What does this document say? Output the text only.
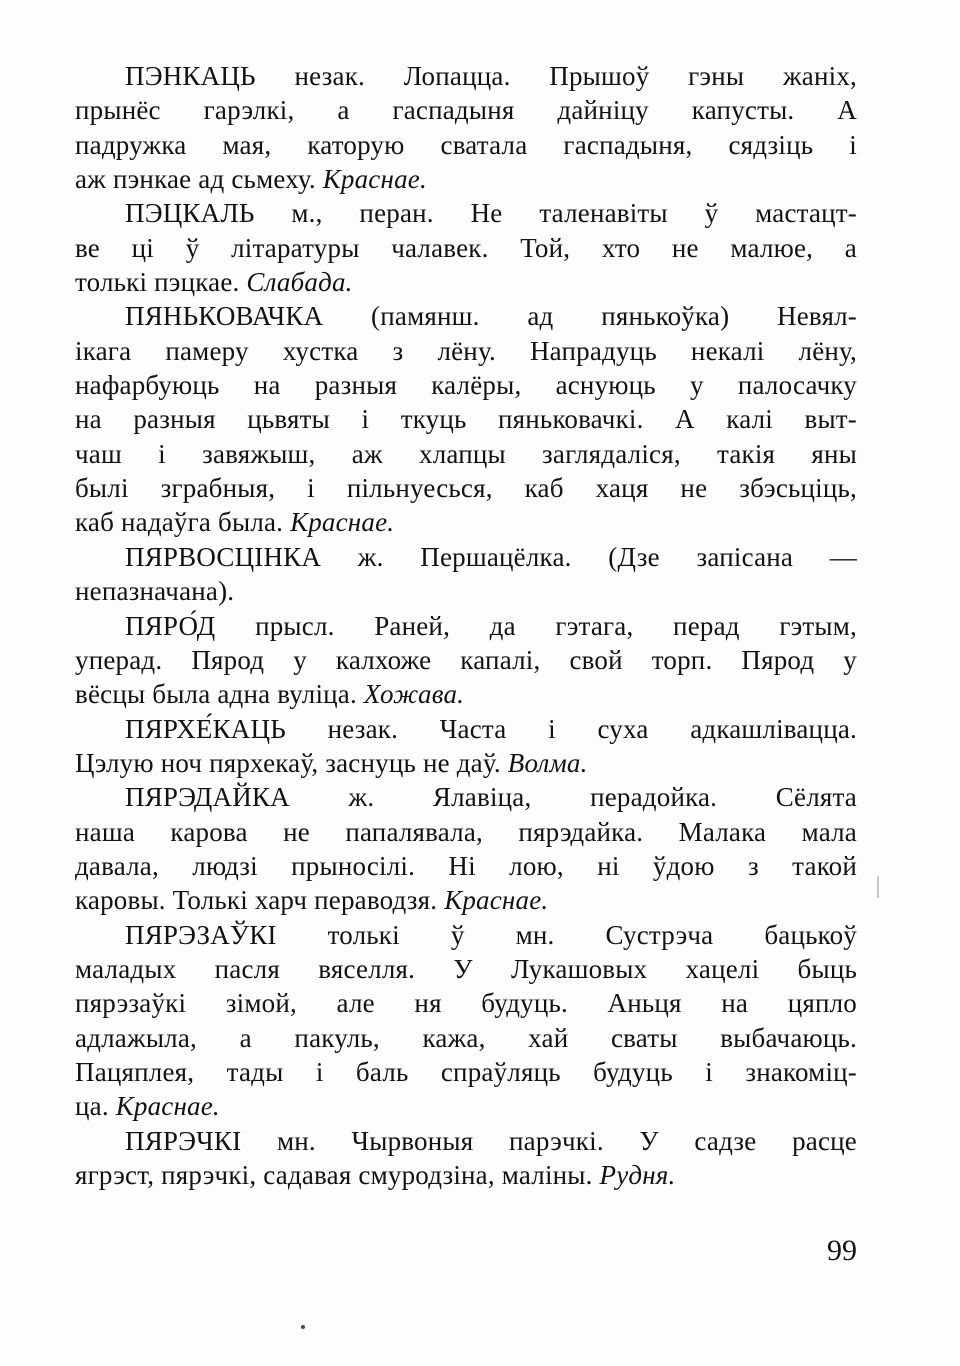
ПЭНКАЦЬ незак. Лопацца. Прышоў гэны жаніх,
прынёс гарэлкі, а гаспадыня дайніцу капусты. А
падружка мая, каторую сватала гаспадыня, сядзіць і
аж пэнкае ад сьмеху. Краснае.
ПЭЦКАЛЬ м., перан. Не таленавіты ў мастацт-
ве ці ў літаратуры чалавек. Той, хто не малюе, а
толькі пэцкае. Слабада.
ПЯНЬКОВАЧКА (памянш. ад пянькоўка) Невял-
ікага памеру хустка з лёну. Напрадуць некалі лёну,
нафарбуюць на разныя калёры, аснуюць у палосачку
на разныя цьвяты і ткуць пяньковачкі. А калі выт-
чаш і завяжыш, аж хлапцы заглядаліся, такія яны
былі зграбныя, і пільнуесься, каб хаця не збэсьціць,
каб надаўга была. Краснае.
ПЯРВОСЦІНКА ж. Першацёлка. (Дзе запісана —
непазначана).
ПЯРО́Д прысл. Раней, да гэтага, перад гэтым,
уперад. Пярод у калхоже капалі, свой торп. Пярод у
вёсцы была адна вуліца. Хожава.
ПЯРХЕ́КАЦЬ незак. Часта і суха адкашлівацца.
Цэлую ноч пярхекаў, заснуць не даў. Волма.
ПЯРЭДАЙКА ж. Ялавіца, перадойка. Сёлята
наша карова не папалявала, пярэдайка. Малака мала
давала, людзі прыносілі. Ні лою, ні ўдою з такой
каровы. Толькі харч пераводзя. Краснае.
ПЯРЭЗАЎКІ толькі ў мн. Сустрэча бацькоў
маладых пасля вяселля. У Лукашовых хацелі быць
пярэзаўкі зімой, але ня будуць. Аньця на цяпло
адлажыла, а пакуль, кажа, хай сваты выбачаюць.
Пацяплея, тады і баль спраўляць будуць і знакоміц-
ца. Краснае.
ПЯРЭЧКІ мн. Чырвоныя парэчкі. У садзе расце
ягрэст, пярэчкі, садавая смуродзіна, маліны. Рудня.
99
